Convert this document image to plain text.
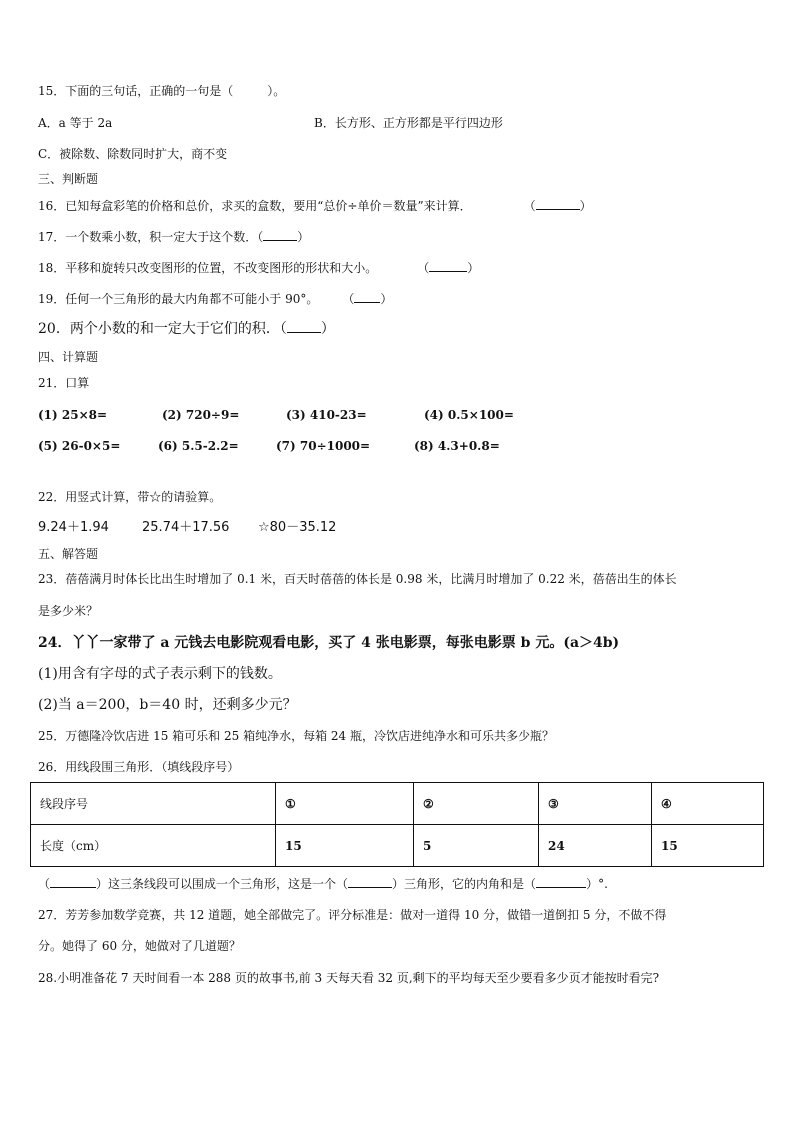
15．下面的三句话，正确的一句是（	）。
A．a 等于 2a	B．长方形、正方形都是平行四边形
C．被除数、除数同时扩大，商不变
三、判断题
16．已知每盒彩笔的价格和总价，求买的盒数，要用“总价÷单价＝数量”来计算．	（	）
17．一个数乘小数，积一定大于这个数．（	）
18．平移和旋转只改变图形的位置，不改变图形的形状和大小。	（	）
19．任何一个三角形的最大内角都不可能小于 90°。 （ ）
20．两个小数的和一定大于它们的积．（ ）
四、计算题
21．口算
(1) 25×8=	(2) 720÷9=	(3) 410-23=	(4) 0.5×100=
(5) 26-0×5=	(6) 5.5-2.2=	(7) 70÷1000=	(8) 4.3+0.8=
22．用竖式计算，带☆的请验算。
9.24＋1.94	25.74＋17.56 ☆80－35.12
五、解答题
23．蓓蓓满月时体长比出生时增加了 0.1 米，百天时蓓蓓的体长是 0.98 米，比满月时增加了 0.22 米，蓓蓓出生的体长
是多少米？
24．丫丫一家带了 a 元钱去电影院观看电影，买了 4 张电影票，每张电影票 b 元。(a＞4b)
(1)用含有字母的式子表示剩下的钱数。
(2)当 a＝200，b＝40 时，还剩多少元？
25．万德隆冷饮店进 15 箱可乐和 25 箱纯净水，每箱 24 瓶，冷饮店进纯净水和可乐共多少瓶？
26．用线段围三角形．（填线段序号）
线段序号	①	②	③	④
长度（cm）	15	5	24	15
（	）这三条线段可以围成一个三角形，这是一个（	）三角形，它的内角和是（	）°.
27．芳芳参加数学竞赛，共 12 道题，她全部做完了。评分标准是：做对一道得 10 分，做错一道倒扣 5 分，不做不得
分。她得了 60 分，她做对了几道题？
28.小明准备花 7 天时间看一本 288 页的故事书,前 3 天每天看 32 页,剩下的平均每天至少要看多少页才能按时看完?
